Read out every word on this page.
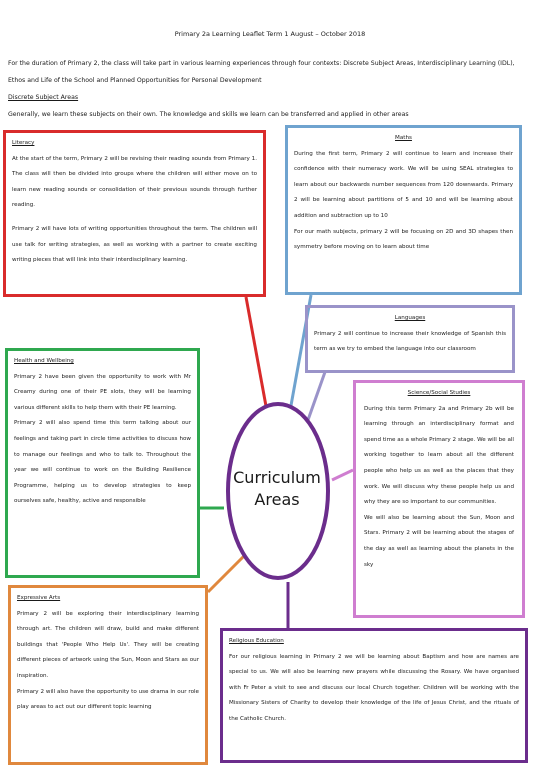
Primary 2a Learning Leaflet Term 1 August – October 2018
For the duration of Primary 2, the class will take part in various learning experiences through four contexts: Discrete Subject Areas, Interdisciplinary Learning (IDL), Ethos and Life of the School and Planned Opportunities for Personal Development
Discrete Subject Areas
Generally, we learn these subjects on their own. The knowledge and skills we learn can be transferred and applied in other areas
Curriculum
Areas
Literacy

At the start of the term, Primary 2 will be revising their reading sounds from Primary 1. The class will then be divided into groups where the children will either move on to learn new reading sounds or consolidation of their previous sounds through further reading.

Primary 2 will have lots of writing opportunities throughout the term. The children will use talk for writing strategies, as well as working with a partner to create exciting writing pieces that will link into their interdisciplinary learning.

Maths

During the first term, Primary 2 will continue to learn and increase their confidence with their numeracy work. We will be using SEAL strategies to learn about our backwards number sequences from 120 downwards. Primary 2 will be learning about partitions of 5 and 10 and will be learning about addition and subtraction up to 10

For our math subjects, primary 2 will be focusing on 2D and 3D shapes then symmetry before moving on to learn about time

Languages

Primary 2 will continue to increase their knowledge of Spanish this term as we try to embed the language into our classroom

Health and Wellbeing

Primary 2 have been given the opportunity to work with Mr Creamy during one of their PE slots, they will be learning various different skills to help them with their PE learning.

Primary 2 will also spend time this term talking about our feelings and taking part in circle time activities to discuss how to manage our feelings and who to talk to. Throughout the year we will continue to work on the Building Resilience Programme, helping us to develop strategies to keep ourselves safe, healthy, active and responsible

Science/Social Studies

During this term Primary 2a and Primary 2b will be learning through an interdisciplinary format and spend time as a whole Primary 2 stage. We will be all working together to learn about all the different people who help us as well as the places that they work. We will discuss why these people help us and why they are so important to our communities.

We will also be learning about the Sun, Moon and Stars. Primary 2 will be learning about the stages of the day as well as learning about the planets in the sky

Expressive Arts

Primary 2 will be exploring their interdisciplinary learning through art. The children will draw, build and make different buildings that 'People Who Help Us'. They will be creating different pieces of artwork using the Sun, Moon and Stars as our inspiration.

Primary 2 will also have the opportunity to use drama in our role play areas to act out our different topic learning

Religious Education

For our religious learning in Primary 2 we will be learning about Baptism and how are names are special to us. We will also be learning new prayers while discussing the Rosary. We have organised with Fr Peter a visit to see and discuss our local Church together. Children will be working with the Missionary Sisters of Charity to develop their knowledge of the life of Jesus Christ, and the rituals of the Catholic Church.
